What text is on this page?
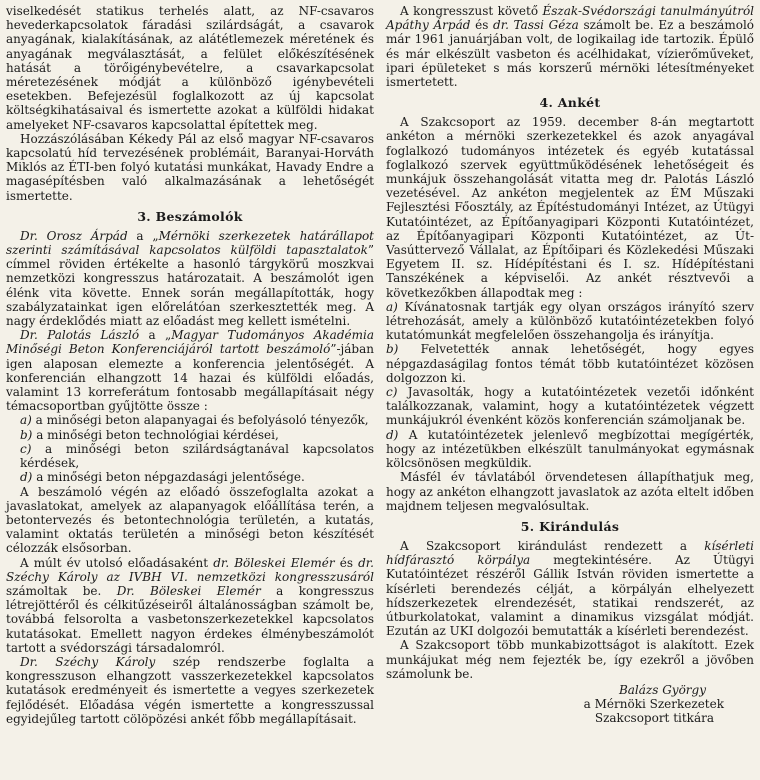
viselkedését statikus terhelés alatt, az NF-csavaros hevederkapcsolatok fáradási szilárdságát, a csavarok anyagának, kialakításának, az alátétlemezek méretének és anyagának megválasztását, a felület előkészítésének hatását a törőigénybevételre, a csavarkapcsolat méretezésének módját a különböző igénybevételi esetekben. Befejezésül foglalkozott az új kapcsolat költségkihatásaival és ismertette azokat a külföldi hidakat amelyeket NF-csavaros kapcsolattal építettek meg.

Hozzászólásában Kékedy Pál az első magyar NF-csavaros kapcsolatú híd tervezésének problémáit, Baranyai-Horváth Miklós az ÉTI-ben folyó kutatási munkákat, Havady Endre a magasépítésben való alkalmazásának a lehetőségét ismertette.

3. Beszámolók

Dr. Orosz Árpád a „Mérnöki szerkezetek határállapot szerinti számításával kapcsolatos külföldi tapasztalatok” címmel röviden értékelte a hasonló tárgykörű moszkvai nemzetközi kongresszus határozatait. A beszámolót igen élénk vita követte. Ennek során megállapították, hogy szabályzatainkat igen előrelátóan szerkesztették meg. A nagy érdeklődés miatt az előadást meg kellett ismételni.

Dr. Palotás László a „Magyar Tudományos Akadémia Minőségi Beton Konferenciájáról tartott beszámoló”-jában igen alaposan elemezte a konferencia jelentőségét. A konferencián elhangzott 14 hazai és külföldi előadás, valamint 13 korreferátum fontosabb megállapításait négy témacsoportban gyűjtötte össze :

a) a minőségi beton alapanyagai és befolyásoló tényezők,

b) a minőségi beton technológiai kérdései,

c) a minőségi beton szilárdságtanával kapcsolatos kérdések,

d) a minőségi beton népgazdasági jelentősége.

A beszámoló végén az előadó összefoglalta azokat a javaslatokat, amelyek az alapanyagok előállítása terén, a betontervezés és betontechnológia területén, a kutatás, valamint oktatás területén a minőségi beton készítését célozzák elsősorban.

A múlt év utolsó előadásaként dr. Böleskei Elemér és dr. Széchy Károly az IVBH VI. nemzetközi kongresszusáról számoltak be. Dr. Böleskei Elemér a kongresszus létrejöttéről és célkitűzéseiről általánosságban számolt be, továbbá felsorolta a vasbetonszerkezetekkel kapcsolatos kutatásokat. Emellett nagyon érdekes élménybeszámolót tartott a svédországi társadalomról.

Dr. Széchy Károly szép rendszerbe foglalta a kongresszuson elhangzott vasszerkezetekkel kapcsolatos kutatások eredményeit és ismertette a vegyes szerkezetek fejlődését. Előadása végén ismertette a kongresszussal egyidejűleg tartott cölöpözési ankét főbb megállapításait.

A kongresszust követő Észak-Svédországi tanulmányútról Apáthy Árpád és dr. Tassi Géza számolt be. Ez a beszámoló már 1961 januárjában volt, de logikailag ide tartozik. Épülő és már elkészült vasbeton és acélhidakat, vízierőműveket, ipari épületeket s más korszerű mérnöki létesítményeket ismertetett.

4. Ankét

A Szakcsoport az 1959. december 8-án megtartott ankéton a mérnöki szerkezetekkel és azok anyagával foglalkozó tudományos intézetek és egyéb kutatással foglalkozó szervek együttműködésének lehetőségeit és munkájuk összehangolását vitatta meg dr. Palotás László vezetésével. Az ankéton megjelentek az ÉM Műszaki Fejlesztési Főosztály, az Építéstudományi Intézet, az Útügyi Kutatóintézet, az Építőanyagipari Központi Kutatóintézet, az Építőanyagipari Központi Kutatóintézet, az Út- Vasúttervező Vállalat, az Építőipari és Közlekedési Műszaki Egyetem II. sz. Hídépítéstani és I. sz. Hídépítéstani Tanszékének a képviselői. Az ankét résztvevői a következőkben állapodtak meg :

a) Kívánatosnak tartják egy olyan országos irányító szerv létrehozását, amely a különböző kutatóintézetekben folyó kutatómunkát megfelelően összehangolja és irányítja.

b) Felvetették annak lehetőségét, hogy egyes népgazdaságilag fontos témát több kutatóintézet közösen dolgozzon ki.

c) Javasolták, hogy a kutatóintézetek vezetői időnként találkozzanak, valamint, hogy a kutatóintézetek végzett munkájukról évenként közös konferencián számoljanak be.

d) A kutatóintézetek jelenlevő megbízottai megígérték, hogy az intézetükben elkészült tanulmányokat egymásnak kölcsönösen megküldik.

Másfél év távlatából örvendetesen állapíthatjuk meg, hogy az ankéton elhangzott javaslatok az azóta eltelt időben majdnem teljesen megvalósultak.

5. Kirándulás

A Szakcsoport kirándulást rendezett a kísérleti hídfárasztó körpálya megtekintésére. Az Útügyi Kutatóintézet részéről Gállik István röviden ismertette a kísérleti berendezés célját, a körpályán elhelyezett hídszerkezetek elrendezését, statikai rendszerét, az útburkolatokat, valamint a dinamikus vizsgálat módját. Ezután az UKI dolgozói bemutatták a kísérleti berendezést.

A Szakcsoport több munkabizottságot is alakított. Ezek munkájukat még nem fejezték be, így ezekről a jövőben számolunk be.

Balázs György
a Mérnöki Szerkezetek
Szakcsoport titkára
